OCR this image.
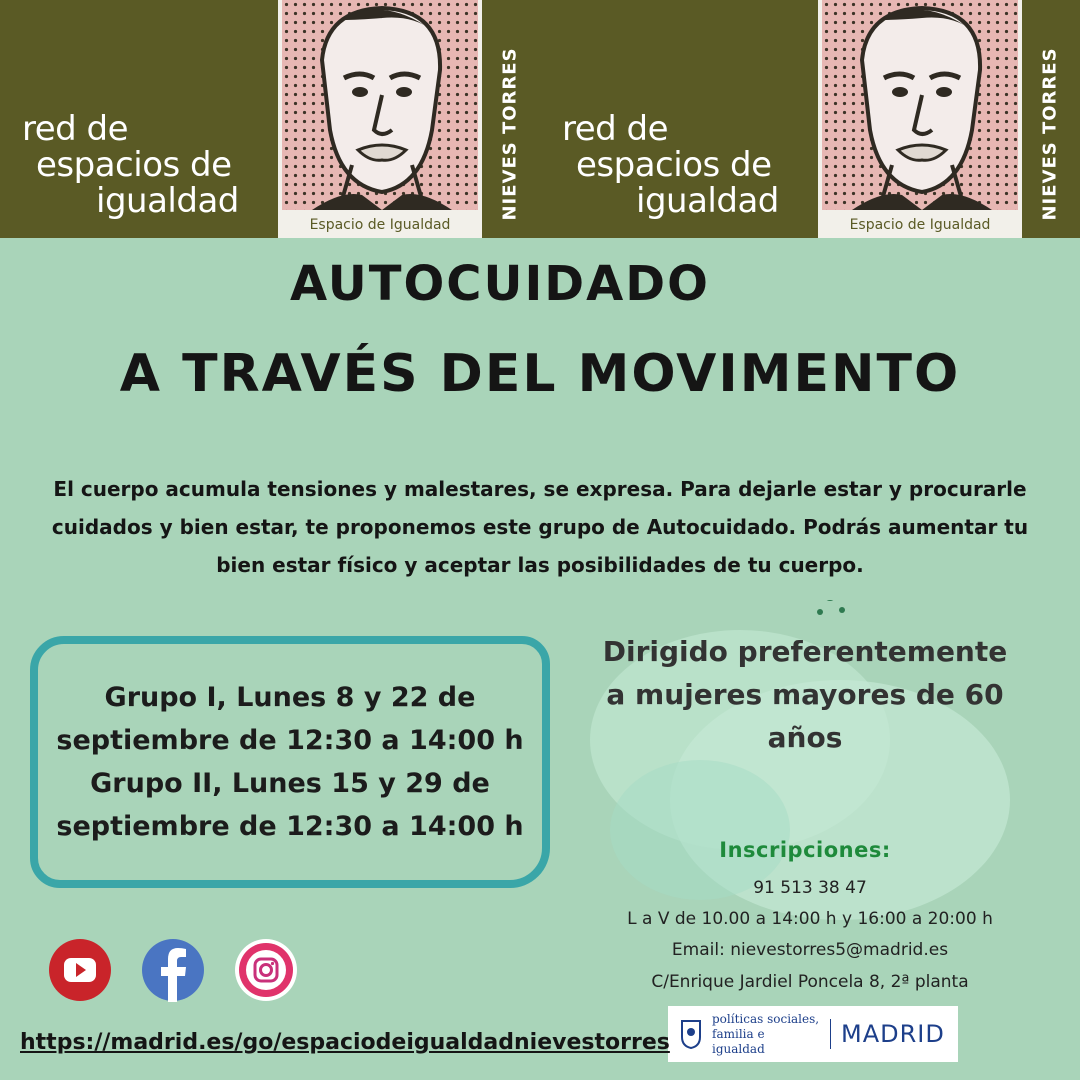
red de
espacios de
igualdad
Espacio de Igualdad
NIEVES TORRES red de
espacios de
igualdad
Espacio de Igualdad
NIEVES TORRES
AUTOCUIDADO
A TRAVÉS DEL MOVIMENTO
El cuerpo acumula tensiones y malestares, se expresa. Para dejarle estar y procurarle cuidados y bien estar, te proponemos este grupo de Autocuidado. Podrás aumentar tu bien estar físico y aceptar las posibilidades de tu cuerpo.

Grupo I, Lunes 8 y 22 de septiembre de 12:30 a 14:00 h

Grupo II, Lunes 15 y 29 de septiembre de 12:30 a 14:00 h

Dirigido preferentemente a mujeres mayores de 60 años
Inscripciones:
91 513 38 47
L a V de 10.00 a 14:00 h y 16:00 a 20:00 h
Email: nievestorres5@madrid.es
C/Enrique Jardiel Poncela 8, 2ª planta
políticas sociales, familia e igualdad
MADRID
https://madrid.es/go/espaciodeigualdadnievestorres
